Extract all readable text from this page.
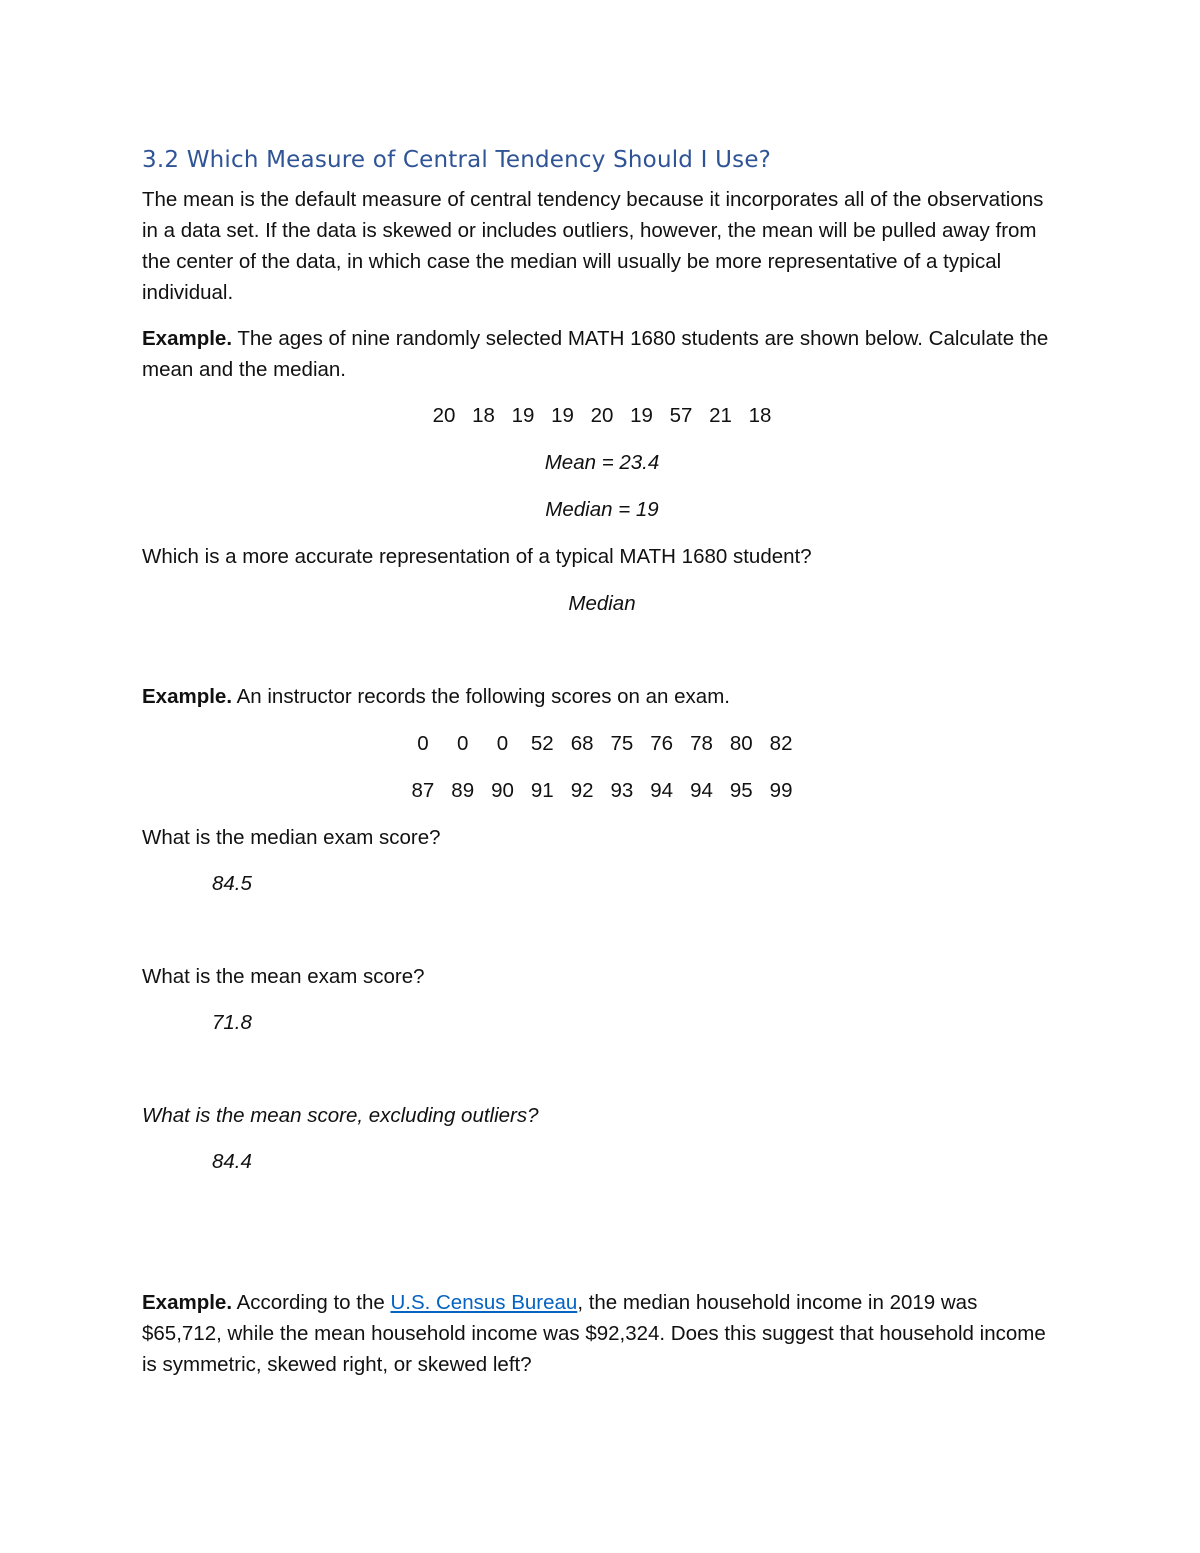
3.2 Which Measure of Central Tendency Should I Use?

The mean is the default measure of central tendency because it incorporates all of the observations in a data set. If the data is skewed or includes outliers, however, the mean will be pulled away from the center of the data, in which case the median will usually be more representative of a typical individual.

Example. The ages of nine randomly selected MATH 1680 students are shown below. Calculate the mean and the median.

20 18 19 19 20 19 57 21 18
Mean = 23.4
Median = 19
Which is a more accurate representation of a typical MATH 1680 student?
Median

Example. An instructor records the following scores on an exam.

0 0 0 52 68 75 76 78 80 82
87 89 90 91 92 93 94 94 95 99
What is the median exam score?
84.5
What is the mean exam score?
71.8
What is the mean score, excluding outliers?
84.4

Example. According to the U.S. Census Bureau, the median household income in 2019 was $65,712, while the mean household income was $92,324. Does this suggest that household income is symmetric, skewed right, or skewed left?
